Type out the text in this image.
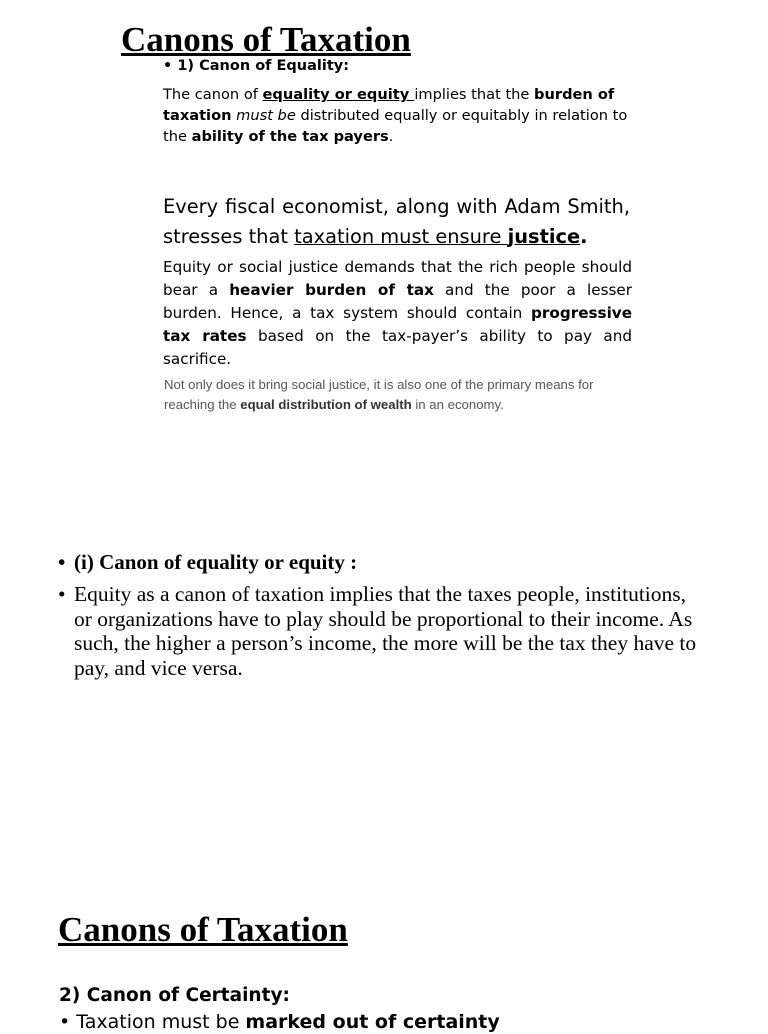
Canons of Taxation
• 1) Canon of Equality:

The canon of equality or equity implies that the burden of taxation must be distributed equally or equitably in relation to the ability of the tax payers.

Every fiscal economist, along with Adam Smith, stresses that taxation must ensure justice.

Equity or social justice demands that the rich people should bear a heavier burden of tax and the poor a lesser burden. Hence, a tax system should contain progressive tax rates based on the tax-payer’s ability to pay and sacrifice.

Not only does it bring social justice, it is also one of the primary means for reaching the equal distribution of wealth in an economy.

• (i) Canon of equality or equity :
• Equity as a canon of taxation implies that the taxes people, institutions, or organizations have to play should be proportional to their income. As such, the higher a person’s income, the more will be the tax they have to pay, and vice versa.
Canons of Taxation
2) Canon of Certainty:
• Taxation must be marked out of certainty
